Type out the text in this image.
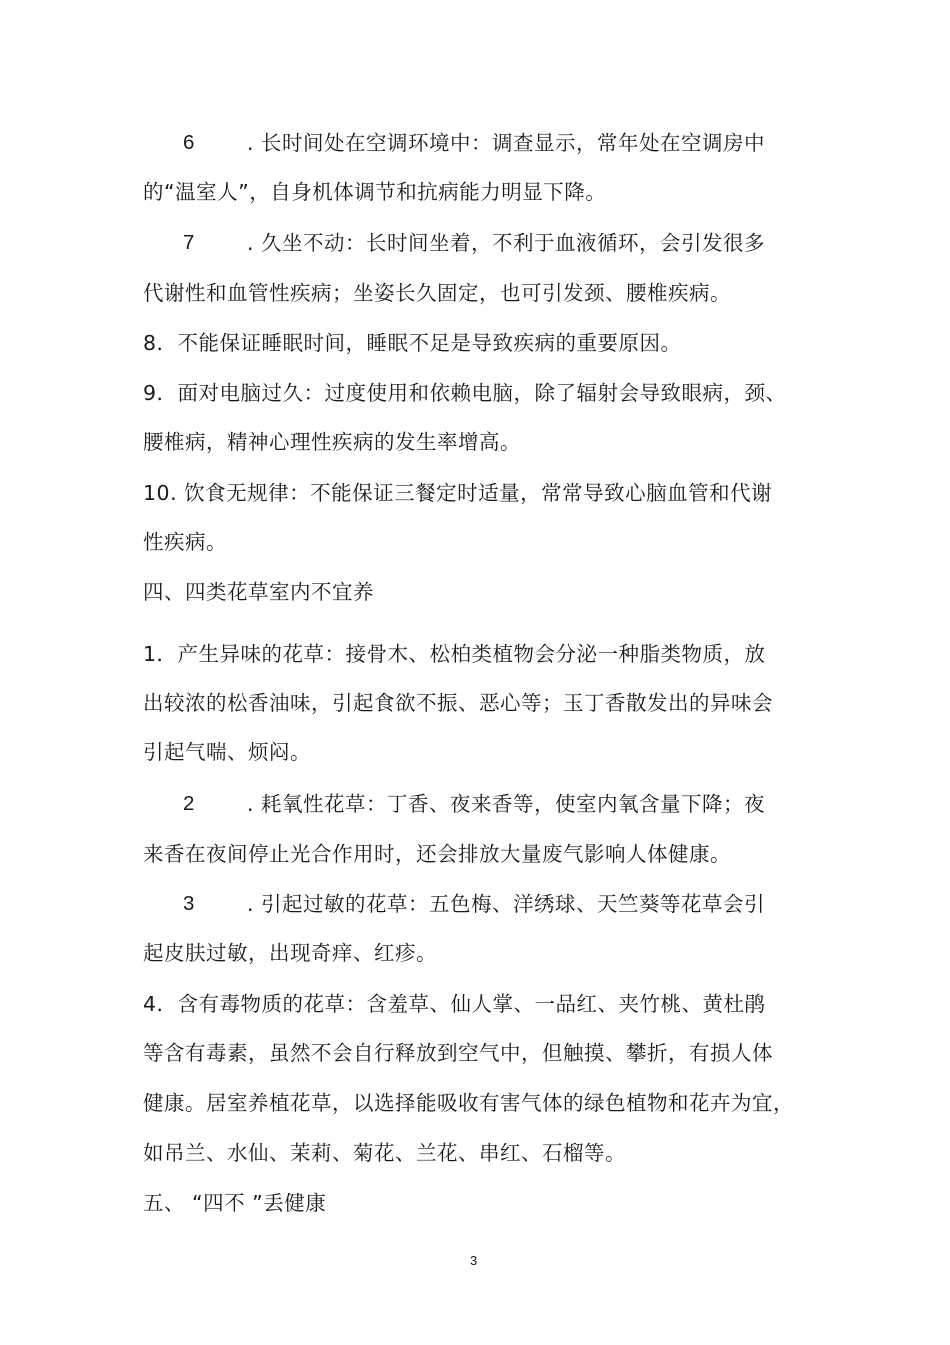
6	. 长时间处在空调环境中：调查显示，常年处在空调房中
的“温室人”，自身机体调节和抗病能力明显下降。
7	. 久坐不动：长时间坐着，不利于血液循环，会引发很多
代谢性和血管性疾病；坐姿长久固定，也可引发颈、腰椎疾病。
8．不能保证睡眠时间，睡眠不足是导致疾病的重要原因。
9．面对电脑过久：过度使用和依赖电脑，除了辐射会导致眼病，颈、
腰椎病，精神心理性疾病的发生率增高。
10. 饮食无规律：不能保证三餐定时适量，常常导致心脑血管和代谢
性疾病。
四、四类花草室内不宜养
1．产生异味的花草：接骨木、松柏类植物会分泌一种脂类物质，放
出较浓的松香油味，引起食欲不振、恶心等；玉丁香散发出的异味会
引起气喘、烦闷。
2	. 耗氧性花草：丁香、夜来香等，使室内氧含量下降；夜
来香在夜间停止光合作用时，还会排放大量废气影响人体健康。
3	. 引起过敏的花草：五色梅、洋绣球、天竺葵等花草会引
起皮肤过敏，出现奇痒、红疹。
4．含有毒物质的花草：含羞草、仙人掌、一品红、夹竹桃、黄杜鹃
等含有毒素，虽然不会自行释放到空气中，但触摸、攀折，有损人体
健康。居室养植花草，以选择能吸收有害气体的绿色植物和花卉为宜，
如吊兰、水仙、茉莉、菊花、兰花、串红、石榴等。
五、 “四不 ”丢健康
3
